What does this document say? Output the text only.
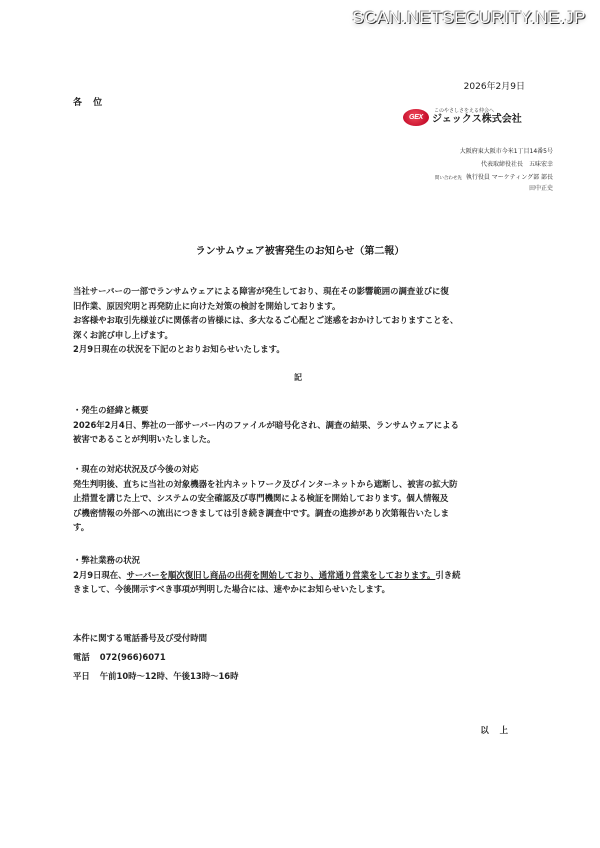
SCAN.NETSECURITY.NE.JP
2026年2月9日
各 位
GEX
このやさしさをえる仲会へ
ジェックス株式会社
大阪府東大阪市今米1丁目14番5号
代表取締役社長　五味宏幸
問い合わせ先 執行役員 マーケティング部 部長
田中正史
ランサムウェア被害発生のお知らせ（第二報）
当社サーバーの一部でランサムウェアによる障害が発生しており、現在その影響範囲の調査並びに復
旧作業、原因究明と再発防止に向けた対策の検討を開始しております。
お客様やお取引先様並びに関係者の皆様には、多大なるご心配とご迷惑をおかけしておりますことを、
深くお詫び申し上げます。
2月9日現在の状況を下記のとおりお知らせいたします。
記
・発生の経緯と概要
2026年2月4日、弊社の一部サーバー内のファイルが暗号化され、調査の結果、ランサムウェアによる
被害であることが判明いたしました。
・現在の対応状況及び今後の対応
発生判明後、直ちに当社の対象機器を社内ネットワーク及びインターネットから遮断し、被害の拡大防
止措置を講じた上で、システムの安全確認及び専門機関による検証を開始しております。個人情報及
び機密情報の外部への流出につきましては引き続き調査中です。調査の進捗があり次第報告いたしま
す。
・弊社業務の状況
2月9日現在、サーバーを順次復旧し商品の出荷を開始しており、通常通り営業をしております。引き続
きまして、今後開示すべき事項が判明した場合には、速やかにお知らせいたします。
本件に関する電話番号及び受付時間
電話 072(966)6071
平日 午前10時～12時、午後13時～16時
以 上
